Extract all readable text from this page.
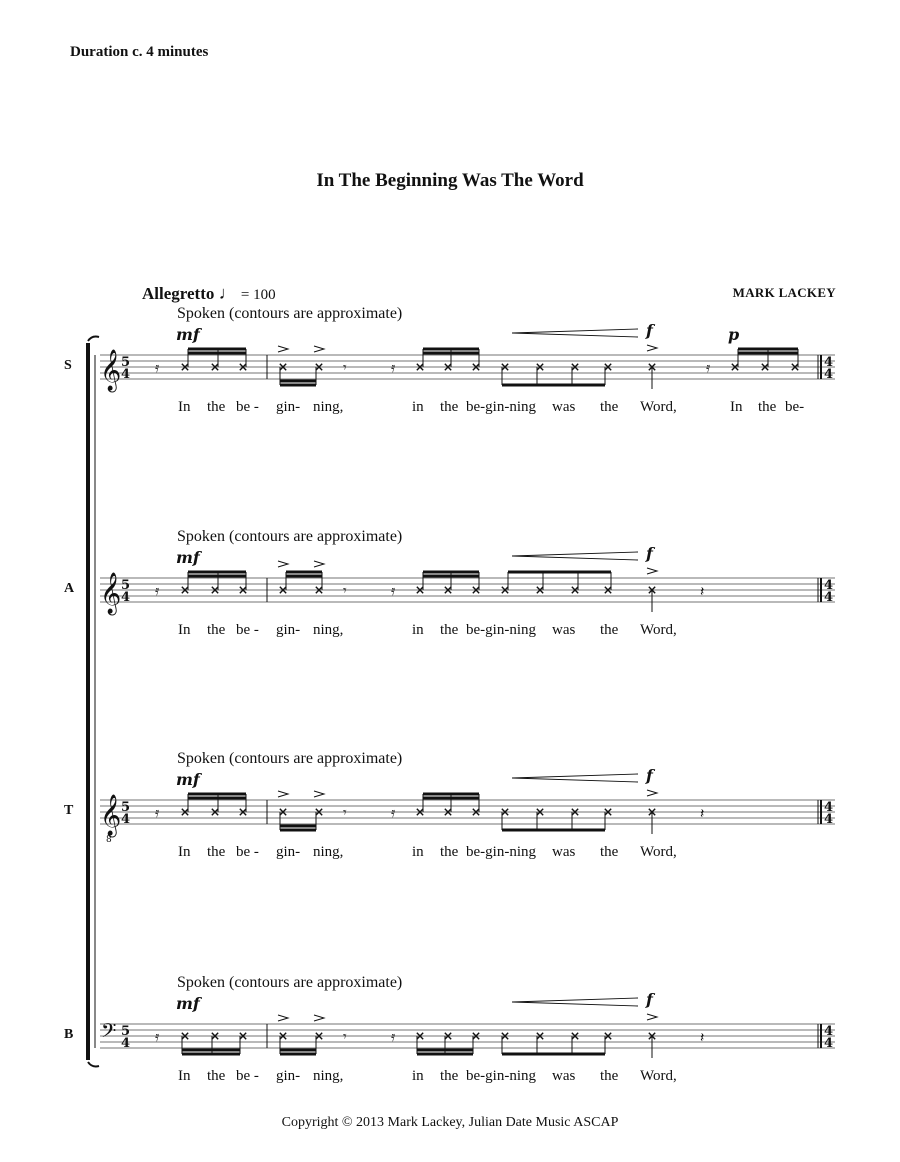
Duration c. 4 minutes
In The Beginning Was The Word
Allegretto ♩ = 100	MARK LACKEY
S
Spoken (contours are approximate)
In the be - gin- ning,	in the be-gin-ning was the Word,	In the be-
mf	f	p
A
Spoken (contours are approximate)
In the be - gin- ning,	in the be-gin-ning was the Word,
mf	f
T
Spoken (contours are approximate)
In the be - gin- ning,	in the be-gin-ning was the Word,
mf	f
B
Spoken (contours are approximate)
In the be - gin- ning,	in the be-gin-ning was the Word,
mf	f
𝄞 5
4
4
4
𝄿	𝄿
𝄾	𝄿
𝄞 5
4
4
4
𝄿	𝄿
𝄾	𝄽
𝄞
8
5
4
4
4
𝄿	𝄿
𝄾	𝄽
𝄢 5
4
4
4
𝄿	𝄿
𝄾	𝄽
Copyright © 2013 Mark Lackey, Julian Date Music ASCAP
